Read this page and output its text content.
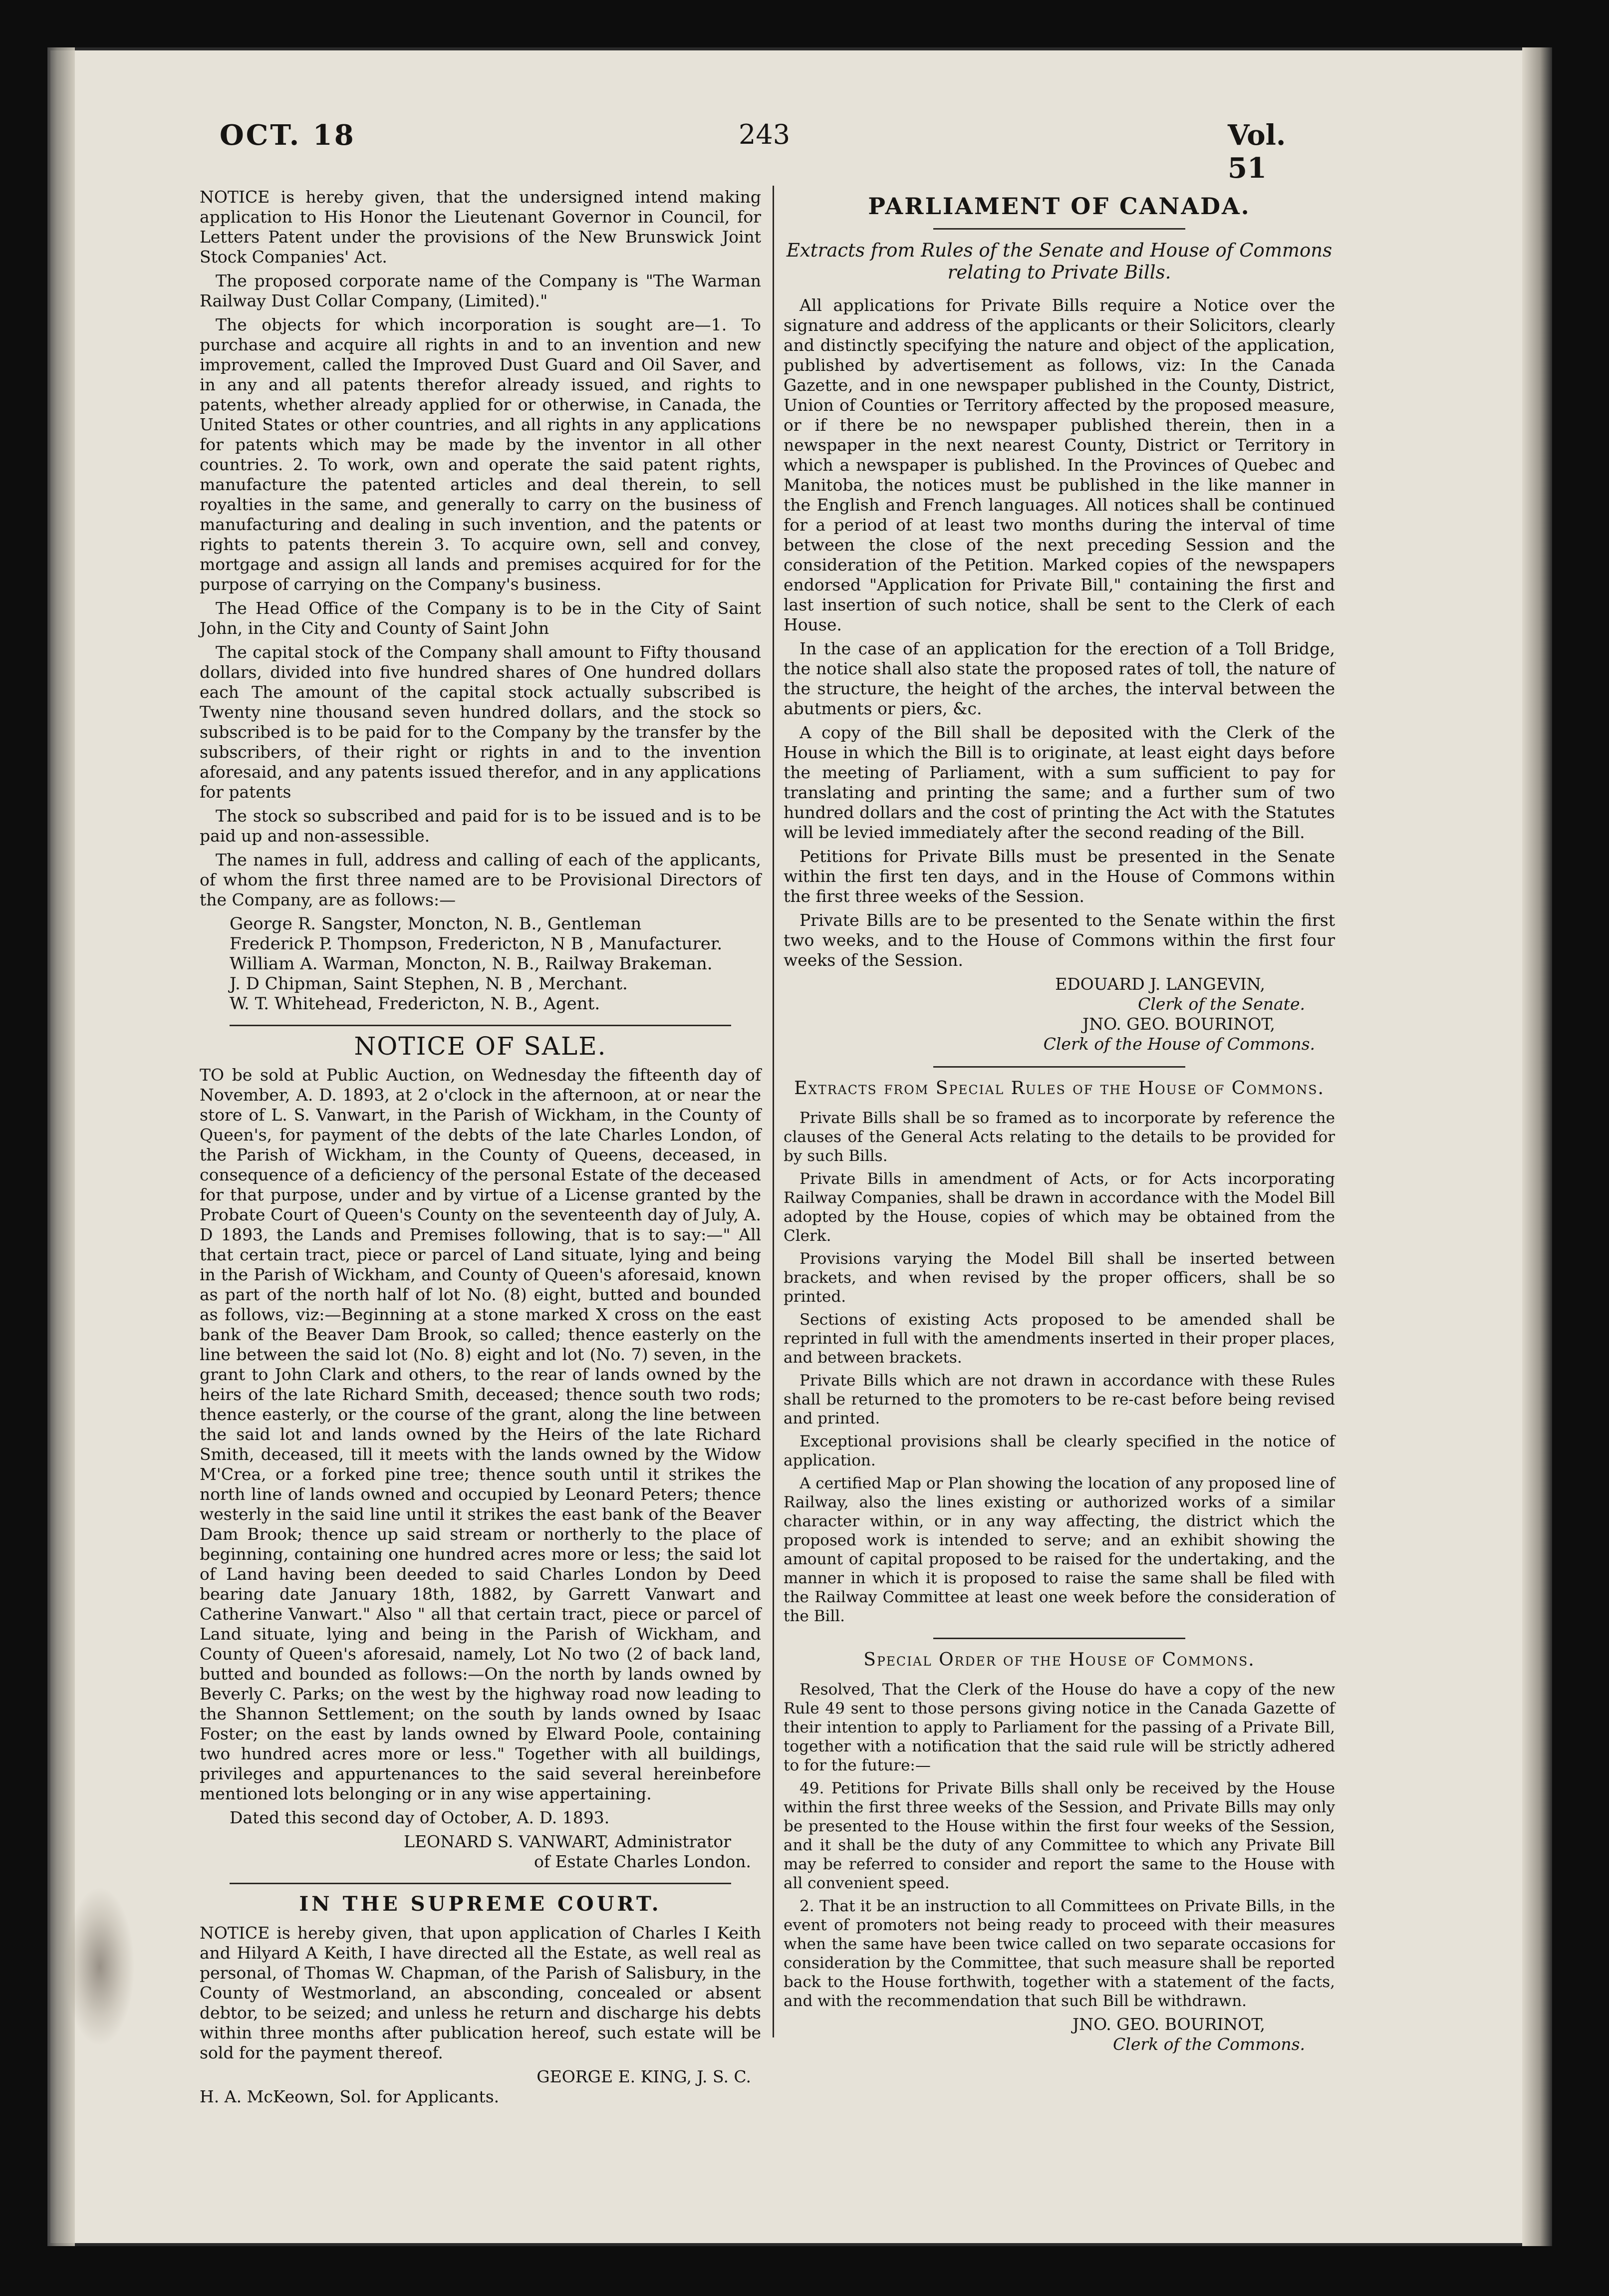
OCT. 18	243	Vol. 51

NOTICE is hereby given, that the undersigned intend making application to His Honor the Lieutenant Governor in Council, for Letters Patent under the provisions of the New Brunswick Joint Stock Companies' Act.

The proposed corporate name of the Company is "The Warman Railway Dust Collar Company, (Limited)."

The objects for which incorporation is sought are—1. To purchase and acquire all rights in and to an invention and new improvement, called the Improved Dust Guard and Oil Saver, and in any and all patents therefor already issued, and rights to patents, whether already applied for or otherwise, in Canada, the United States or other countries, and all rights in any applications for patents which may be made by the inventor in all other countries. 2. To work, own and operate the said patent rights, manufacture the patented articles and deal therein, to sell royalties in the same, and generally to carry on the business of manufacturing and dealing in such invention, and the patents or rights to patents therein 3. To acquire own, sell and convey, mortgage and assign all lands and premises acquired for for the purpose of carrying on the Company's business.

The Head Office of the Company is to be in the City of Saint John, in the City and County of Saint John

The capital stock of the Company shall amount to Fifty thousand dollars, divided into five hundred shares of One hundred dollars each The amount of the capital stock actually subscribed is Twenty nine thousand seven hundred dollars, and the stock so subscribed is to be paid for to the Company by the transfer by the subscribers, of their right or rights in and to the invention aforesaid, and any patents issued therefor, and in any applications for patents

The stock so subscribed and paid for is to be issued and is to be paid up and non-assessible.

The names in full, address and calling of each of the applicants, of whom the first three named are to be Provisional Directors of the Company, are as follows:—

George R. Sangster, Moncton, N. B., Gentleman
Frederick P. Thompson, Fredericton, N B , Manufacturer.
William A. Warman, Moncton, N. B., Railway Brakeman.
J. D Chipman, Saint Stephen, N. B , Merchant.
W. T. Whitehead, Fredericton, N. B., Agent.
NOTICE OF SALE.

TO be sold at Public Auction, on Wednesday the fifteenth day of November, A. D. 1893, at 2 o'clock in the afternoon, at or near the store of L. S. Vanwart, in the Parish of Wickham, in the County of Queen's, for payment of the debts of the late Charles London, of the Parish of Wickham, in the County of Queens, deceased, in consequence of a deficiency of the personal Estate of the deceased for that purpose, under and by virtue of a License granted by the Probate Court of Queen's County on the seventeenth day of July, A. D 1893, the Lands and Premises following, that is to say:—" All that certain tract, piece or parcel of Land situate, lying and being in the Parish of Wickham, and County of Queen's aforesaid, known as part of the north half of lot No. (8) eight, butted and bounded as follows, viz:—Beginning at a stone marked X cross on the east bank of the Beaver Dam Brook, so called; thence easterly on the line between the said lot (No. 8) eight and lot (No. 7) seven, in the grant to John Clark and others, to the rear of lands owned by the heirs of the late Richard Smith, deceased; thence south two rods; thence easterly, or the course of the grant, along the line between the said lot and lands owned by the Heirs of the late Richard Smith, deceased, till it meets with the lands owned by the Widow M'Crea, or a forked pine tree; thence south until it strikes the north line of lands owned and occupied by Leonard Peters; thence westerly in the said line until it strikes the east bank of the Beaver Dam Brook; thence up said stream or northerly to the place of beginning, containing one hundred acres more or less; the said lot of Land having been deeded to said Charles London by Deed bearing date January 18th, 1882, by Garrett Vanwart and Catherine Vanwart." Also " all that certain tract, piece or parcel of Land situate, lying and being in the Parish of Wickham, and County of Queen's aforesaid, namely, Lot No two (2 of back land, butted and bounded as follows:—On the north by lands owned by Beverly C. Parks; on the west by the highway road now leading to the Shannon Settlement; on the south by lands owned by Isaac Foster; on the east by lands owned by Elward Poole, containing two hundred acres more or less." Together with all buildings, privileges and appurtenances to the said several hereinbefore mentioned lots belonging or in any wise appertaining.

Dated this second day of October, A. D. 1893.

LEONARD S. VANWART, Administrator
of Estate Charles London.
IN THE SUPREME COURT.

NOTICE is hereby given, that upon application of Charles I Keith and Hilyard A Keith, I have directed all the Estate, as well real as personal, of Thomas W. Chapman, of the Parish of Salisbury, in the County of Westmorland, an absconding, concealed or absent debtor, to be seized; and unless he return and discharge his debts within three months after publication hereof, such estate will be sold for the payment thereof.

GEORGE E. KING, J. S. C.
H. A. McKeown, Sol. for Applicants.
PARLIAMENT OF CANADA.
Extracts from Rules of the Senate and House of Commons relating to Private Bills.

All applications for Private Bills require a Notice over the signature and address of the applicants or their Solicitors, clearly and distinctly specifying the nature and object of the application, published by advertisement as follows, viz: In the Canada Gazette, and in one newspaper published in the County, District, Union of Counties or Territory affected by the proposed measure, or if there be no newspaper published therein, then in a newspaper in the next nearest County, District or Territory in which a newspaper is published. In the Provinces of Quebec and Manitoba, the notices must be published in the like manner in the English and French languages. All notices shall be continued for a period of at least two months during the interval of time between the close of the next preceding Session and the consideration of the Petition. Marked copies of the newspapers endorsed "Application for Private Bill," containing the first and last insertion of such notice, shall be sent to the Clerk of each House.

In the case of an application for the erection of a Toll Bridge, the notice shall also state the proposed rates of toll, the nature of the structure, the height of the arches, the interval between the abutments or piers, &c.

A copy of the Bill shall be deposited with the Clerk of the House in which the Bill is to originate, at least eight days before the meeting of Parliament, with a sum sufficient to pay for translating and printing the same; and a further sum of two hundred dollars and the cost of printing the Act with the Statutes will be levied immediately after the second reading of the Bill.

Petitions for Private Bills must be presented in the Senate within the first ten days, and in the House of Commons within the first three weeks of the Session.

Private Bills are to be presented to the Senate within the first two weeks, and to the House of Commons within the first four weeks of the Session.

EDOUARD J. LANGEVIN,
Clerk of the Senate.
JNO. GEO. BOURINOT,
Clerk of the House of Commons.
Extracts from Special Rules of the House of Commons.

Private Bills shall be so framed as to incorporate by reference the clauses of the General Acts relating to the details to be provided for by such Bills.

Private Bills in amendment of Acts, or for Acts incorporating Railway Companies, shall be drawn in accordance with the Model Bill adopted by the House, copies of which may be obtained from the Clerk.

Provisions varying the Model Bill shall be inserted between brackets, and when revised by the proper officers, shall be so printed.

Sections of existing Acts proposed to be amended shall be reprinted in full with the amendments inserted in their proper places, and between brackets.

Private Bills which are not drawn in accordance with these Rules shall be returned to the promoters to be re-cast before being revised and printed.

Exceptional provisions shall be clearly specified in the notice of application.

A certified Map or Plan showing the location of any proposed line of Railway, also the lines existing or authorized works of a similar character within, or in any way affecting, the district which the proposed work is intended to serve; and an exhibit showing the amount of capital proposed to be raised for the undertaking, and the manner in which it is proposed to raise the same shall be filed with the Railway Committee at least one week before the consideration of the Bill.

Special Order of the House of Commons.

Resolved, That the Clerk of the House do have a copy of the new Rule 49 sent to those persons giving notice in the Canada Gazette of their intention to apply to Parliament for the passing of a Private Bill, together with a notification that the said rule will be strictly adhered to for the future:—

49. Petitions for Private Bills shall only be received by the House within the first three weeks of the Session, and Private Bills may only be presented to the House within the first four weeks of the Session, and it shall be the duty of any Committee to which any Private Bill may be referred to consider and report the same to the House with all convenient speed.

2. That it be an instruction to all Committees on Private Bills, in the event of promoters not being ready to proceed with their measures when the same have been twice called on two separate occasions for consideration by the Committee, that such measure shall be reported back to the House forthwith, together with a statement of the facts, and with the recommendation that such Bill be withdrawn.

JNO. GEO. BOURINOT,
Clerk of the Commons.
